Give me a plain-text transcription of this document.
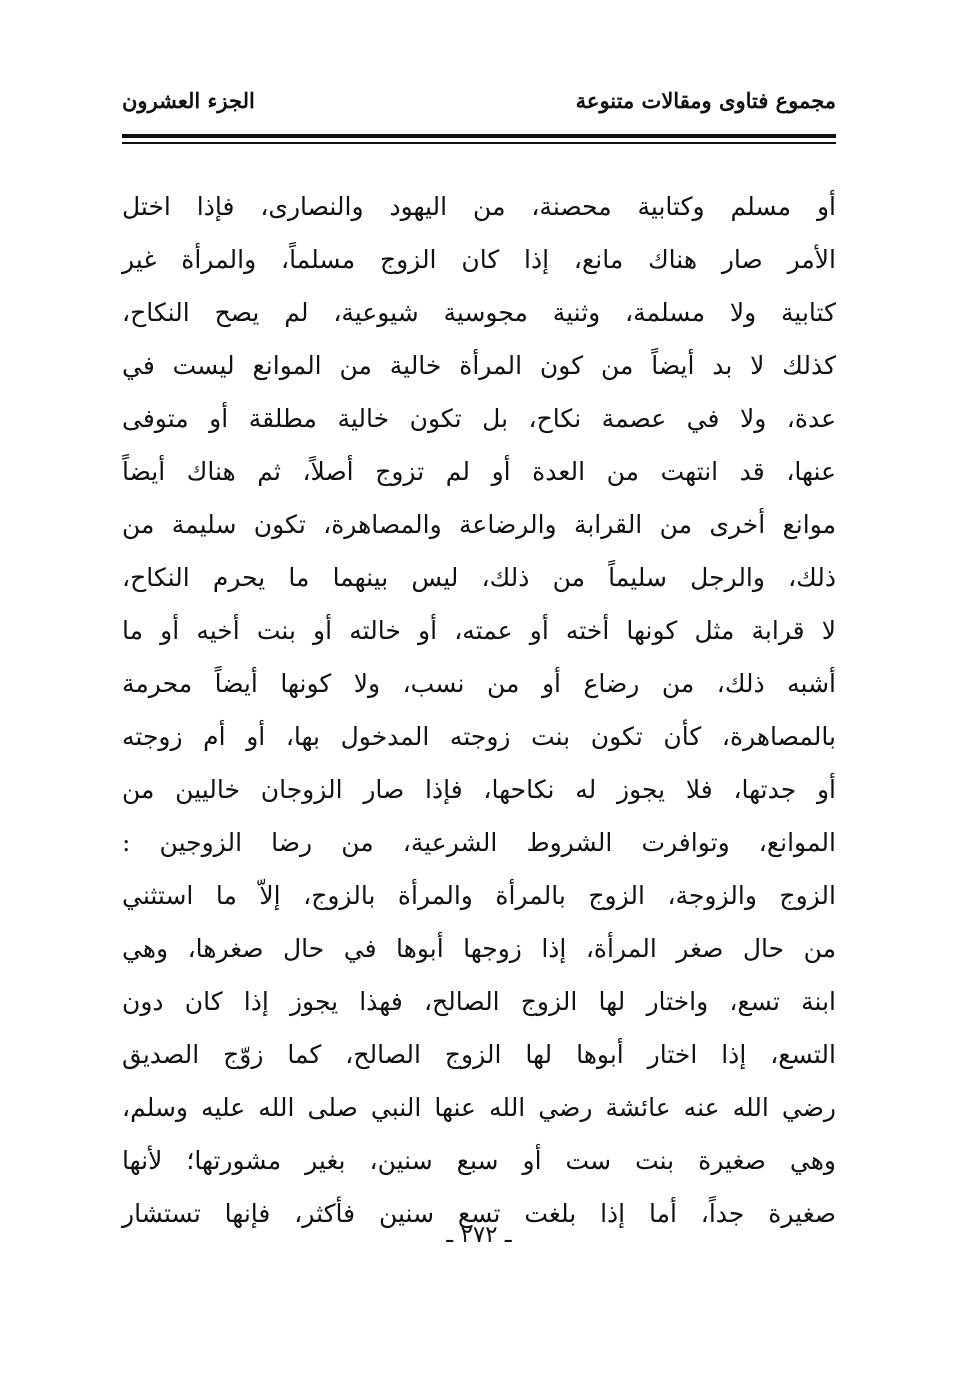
مجموع فتاوى ومقالات متنوعة
الجزء العشرون
أو مسلم وكتابية محصنة، من اليهود والنصارى، فإذا اختل
الأمر صار هناك مانع، إذا كان الزوج مسلماً، والمرأة غير
كتابية ولا مسلمة، وثنية مجوسية شيوعية، لم يصح النكاح،
كذلك لا بد أيضاً من كون المرأة خالية من الموانع ليست في
عدة، ولا في عصمة نكاح، بل تكون خالية مطلقة أو متوفى
عنها، قد انتهت من العدة أو لم تزوج أصلاً، ثم هناك أيضاً
موانع أخرى من القرابة والرضاعة والمصاهرة، تكون سليمة من
ذلك، والرجل سليماً من ذلك، ليس بينهما ما يحرم النكاح،
لا قرابة مثل كونها أخته أو عمته، أو خالته أو بنت أخيه أو ما
أشبه ذلك، من رضاع أو من نسب، ولا كونها أيضاً محرمة
بالمصاهرة، كأن تكون بنت زوجته المدخول بها، أو أم زوجته
أو جدتها، فلا يجوز له نكاحها، فإذا صار الزوجان خاليين من
الموانع، وتوافرت الشروط الشرعية، من رضا الزوجين :
الزوج والزوجة، الزوج بالمرأة والمرأة بالزوج، إلاّ ما استثني
من حال صغر المرأة، إذا زوجها أبوها في حال صغرها، وهي
ابنة تسع، واختار لها الزوج الصالح، فهذا يجوز إذا كان دون
التسع، إذا اختار أبوها لها الزوج الصالح، كما زوّج الصديق
رضي الله عنه عائشة رضي الله عنها النبي صلى الله عليه وسلم،
وهي صغيرة بنت ست أو سبع سنين، بغير مشورتها؛ لأنها
صغيرة جداً، أما إذا بلغت تسع سنين فأكثر، فإنها تستشار
ـ ٢٧٢ ـ
